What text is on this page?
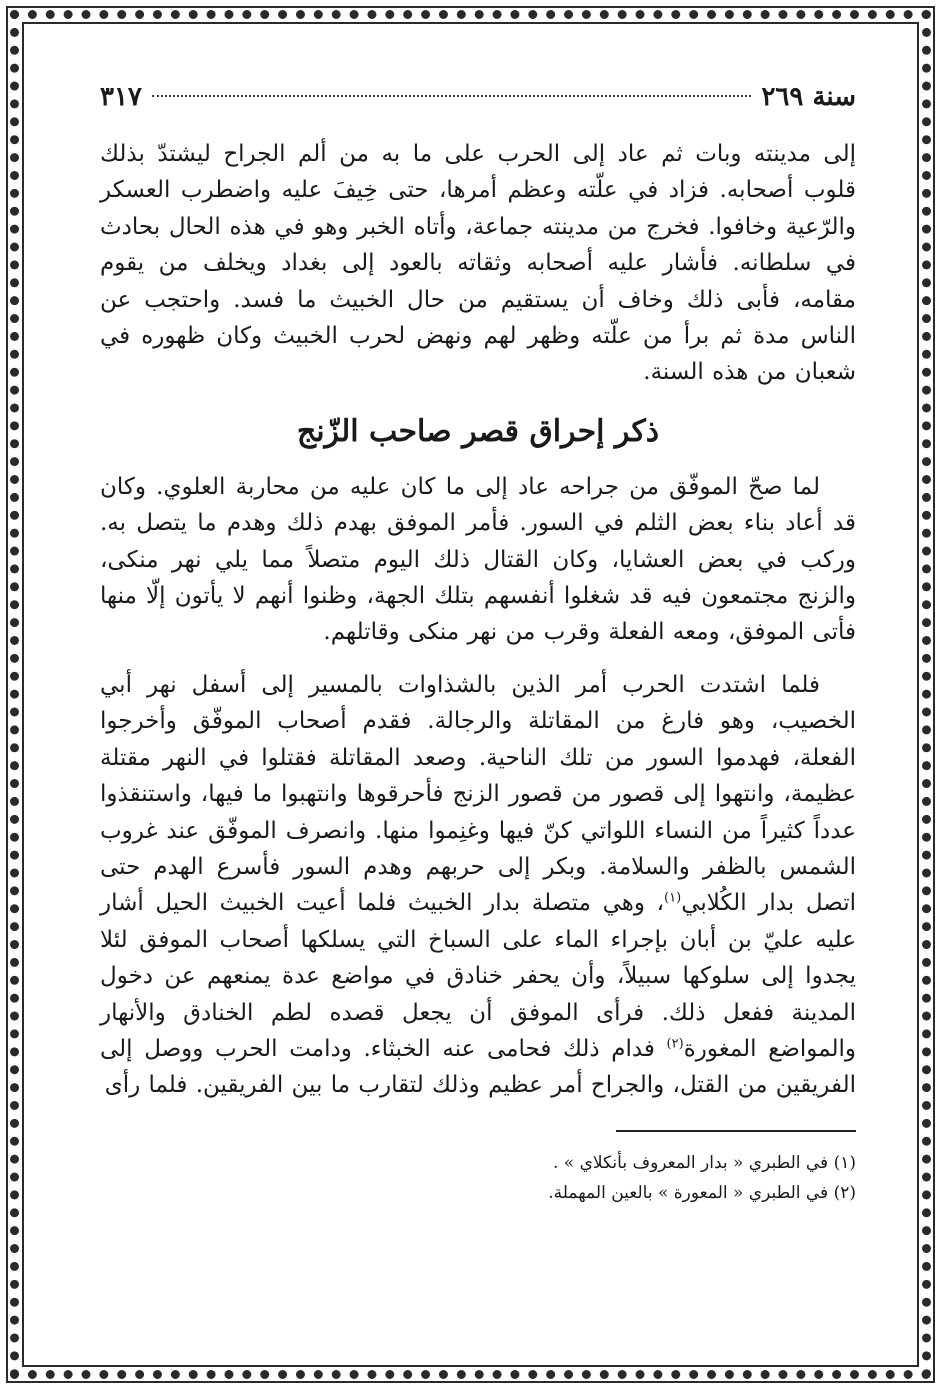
سنة ٢٦٩
٣١٧

إلى مدينته وبات ثم عاد إلى الحرب على ما به من ألم الجراح ليشتدّ بذلك قلوب أصحابه. فزاد في علّته وعظم أمرها، حتى خِيفَ عليه واضطرب العسكر والرّعية وخافوا. فخرج من مدينته جماعة، وأتاه الخبر وهو في هذه الحال بحادث في سلطانه. فأشار عليه أصحابه وثقاته بالعود إلى بغداد ويخلف من يقوم مقامه، فأبى ذلك وخاف أن يستقيم من حال الخبيث ما فسد. واحتجب عن الناس مدة ثم برأ من علّته وظهر لهم ونهض لحرب الخبيث وكان ظهوره في شعبان من هذه السنة.

ذكر إحراق قصر صاحب الزّنج

لما صحّ الموفّق من جراحه عاد إلى ما كان عليه من محاربة العلوي. وكان قد أعاد بناء بعض الثلم في السور. فأمر الموفق بهدم ذلك وهدم ما يتصل به. وركب في بعض العشايا، وكان القتال ذلك اليوم متصلاً مما يلي نهر منكى، والزنج مجتمعون فيه قد شغلوا أنفسهم بتلك الجهة، وظنوا أنهم لا يأتون إلّا منها فأتى الموفق، ومعه الفعلة وقرب من نهر منكى وقاتلهم.

فلما اشتدت الحرب أمر الذين بالشذاوات بالمسير إلى أسفل نهر أبي الخصيب، وهو فارغ من المقاتلة والرجالة. فقدم أصحاب الموفّق وأخرجوا الفعلة، فهدموا السور من تلك الناحية. وصعد المقاتلة فقتلوا في النهر مقتلة عظيمة، وانتهوا إلى قصور من قصور الزنج فأحرقوها وانتهبوا ما فيها، واستنقذوا عدداً كثيراً من النساء اللواتي كنّ فيها وغنِموا منها. وانصرف الموفّق عند غروب الشمس بالظفر والسلامة. وبكر إلى حربهم وهدم السور فأسرع الهدم حتى اتصل بدار الكُلابي$^{(١)}$، وهي متصلة بدار الخبيث فلما أعيت الخبيث الحيل أشار عليه عليّ بن أبان بإجراء الماء على السباخ التي يسلكها أصحاب الموفق لئلا يجدوا إلى سلوكها سبيلاً، وأن يحفر خنادق في مواضع عدة يمنعهم عن دخول المدينة ففعل ذلك. فرأى الموفق أن يجعل قصده لطم الخنادق والأنهار والمواضع المغورة$^{(٢)}$ فدام ذلك فحامى عنه الخبثاء. ودامت الحرب ووصل إلى الفريقين من القتل، والجراح أمر عظيم وذلك لتقارب ما بين الفريقين. فلما رأى

(١) في الطبري « بدار المعروف بأنكلاي » .

(٢) في الطبري « المعورة » بالعين المهملة.
